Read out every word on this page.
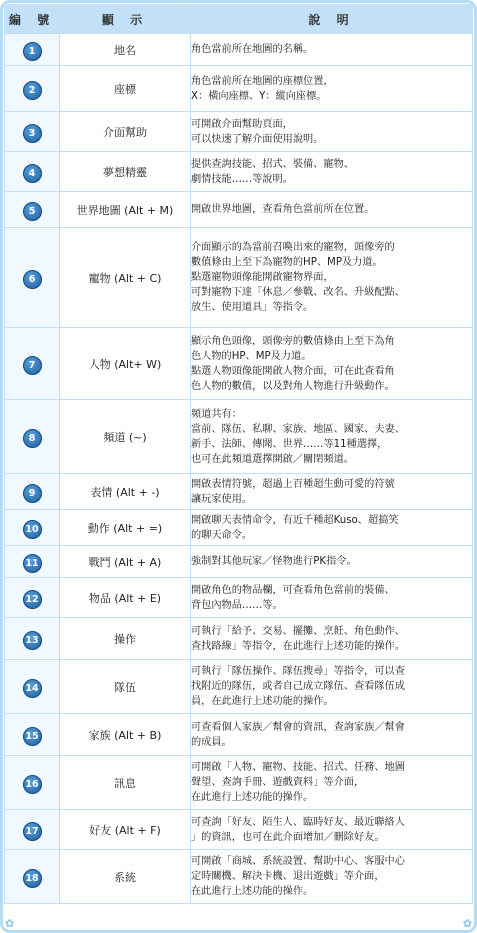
✿	✿
編 號	顯 示	說 明
1	地名	角色當前所在地圖的名稱。

2	座標	角色當前所在地圖的座標位置，
X：橫向座標、Y：縱向座標。

3	介面幫助	可開啟介面幫助頁面，
可以快速了解介面使用說明。

4	夢想精靈	提供查詢技能、招式、裝備、寵物、
劇情技能……等說明。

5	世界地圖 (Alt + M)	開啟世界地圖，查看角色當前所在位置。

6	寵物 (Alt + C)	介面顯示的為當前召喚出來的寵物，頭像旁的
數值條由上至下為寵物的HP、MP及力道。
點選寵物頭像能開啟寵物界面，
可對寵物下達「休息／參戰、改名、升級配點、
放生、使用道具」等指令。

7	人物 (Alt+ W)	顯示角色頭像，頭像旁的數值條由上至下為角
色人物的HP、MP及力道。
點選人物頭像能開啟人物介面，可在此查看角
色人物的數值，以及對角人物進行升級動作。

8	頻道 (~)	頻道共有：
當前、隊伍、私聊、家族、地區、國家、夫妻、
新手、法師、傳聞、世界……等11種選擇，
也可在此頻道選擇開啟／關閉頻道。

9	表情 (Alt + -)	開啟表情符號，超過上百種超生動可愛的符號
讓玩家使用。

10	動作 (Alt + =)	開啟聊天表情命令，有近千種超Kuso、超搞笑
的聊天命令。

11	戰鬥 (Alt + A)	強制對其他玩家／怪物進行PK指令。

12	物品 (Alt + E)	開啟角色的物品欄，可查看角色當前的裝備、
背包內物品……等。

13	操作	可執行「給予、交易、擺攤、烹飪、角色動作、
查找路線」等指令，在此進行上述功能的操作。

14	隊伍	可執行「隊伍操作、隊伍搜尋」等指令，可以查
找附近的隊伍，或者自己成立隊伍、查看隊伍成
員，在此進行上述功能的操作。

15	家族 (Alt + B)	可查看個人家族／幫會的資訊，查詢家族／幫會
的成員。

16	訊息	可開啟「人物、寵物、技能、招式、任務、地圖
聲望、查詢手冊、遊戲資料」等介面，
在此進行上述功能的操作。

17	好友 (Alt + F)	可查詢「好友、陌生人、臨時好友、最近聯絡人
」的資訊，也可在此介面增加／刪除好友。

18	系統	可開啟「商城、系統設置、幫助中心、客服中心
定時關機、解決卡機、退出遊戲」等介面，
在此進行上述功能的操作。
